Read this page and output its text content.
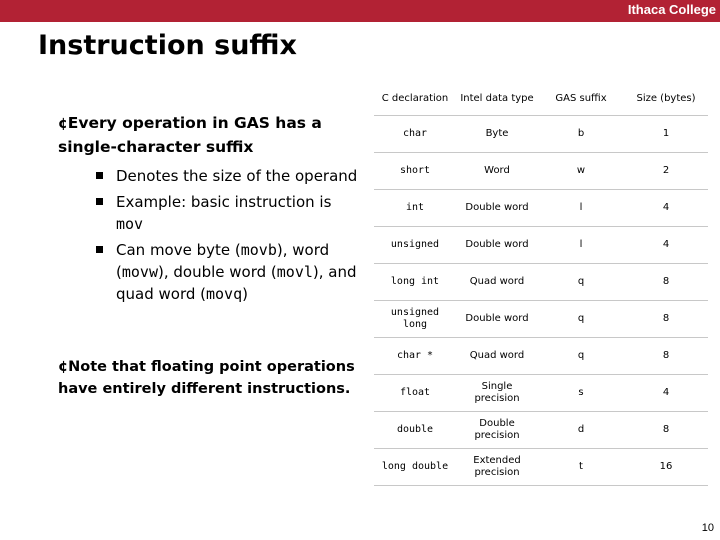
Ithaca College
Instruction suffix

¢Every operation in GAS has a single-character suffix

Denotes the size of the operand
Example: basic instruction is mov
Can move byte (movb), word (movw), double word (movl), and quad word (movq)

¢Note that floating point operations have entirely different instructions.

C declaration	Intel data type	GAS suffix	Size (bytes)
char	Byte	b	1
short	Word	w	2
int	Double word	l	4
unsigned	Double word	l	4
long int	Quad word	q	8
unsigned long	Double word	q	8
char *	Quad word	q	8
float	Single precision	s	4
double	Double precision	d	8
long double	Extended precision	t	16
10
